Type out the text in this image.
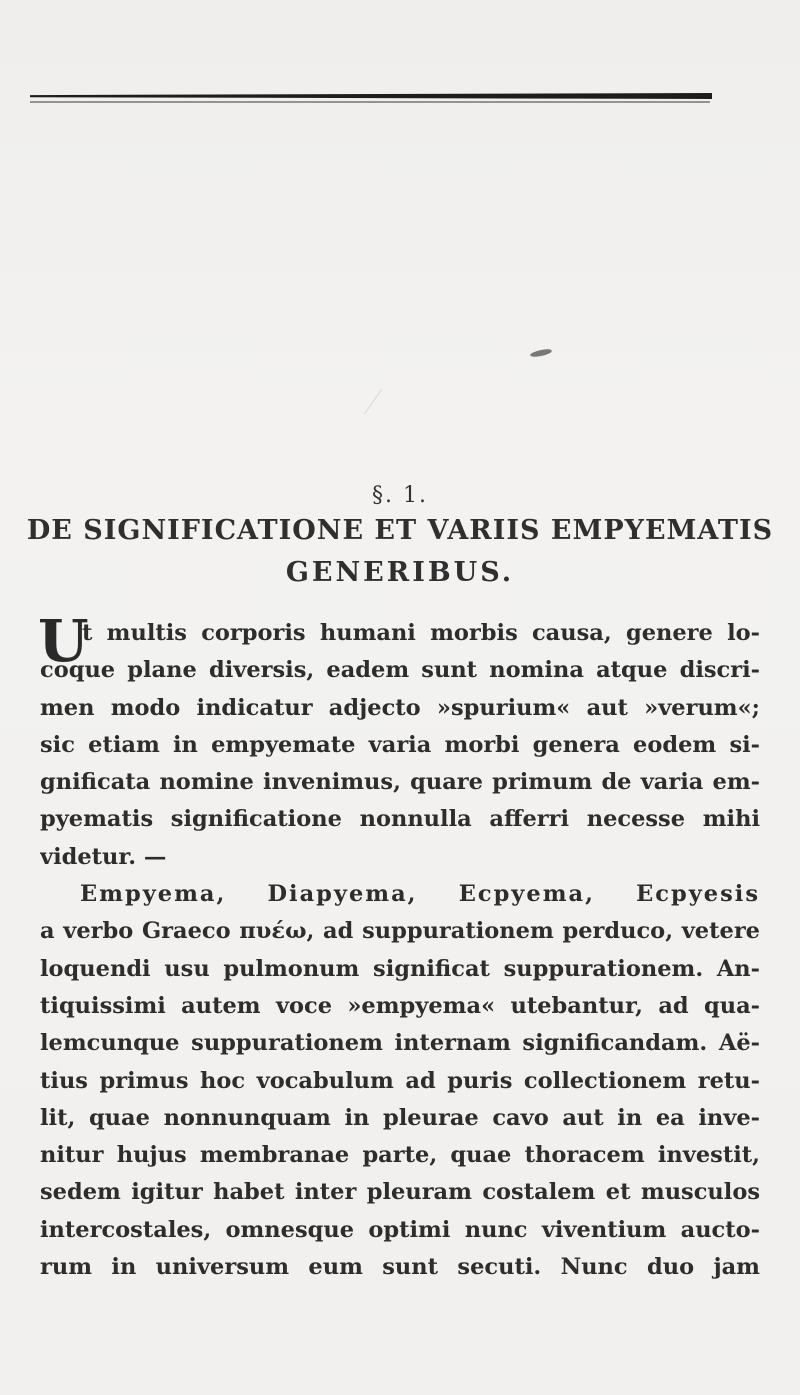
§. 1.
DE SIGNIFICATIONE ET VARIIS EMPYEMATIS
GENERIBUS.
U
t multis corporis humani morbis causa, genere lo-
coque plane diversis, eadem sunt nomina atque discri-
men modo indicatur adjecto »spurium« aut »verum«;
sic etiam in empyemate varia morbi genera eodem si-
gnificata nomine invenimus, quare primum de varia em-
pyematis significatione nonnulla afferri necesse mihi
videtur. —
Empyema, Diapyema, Ecpyema, Ecpyesis
a verbo Graeco πυέω, ad suppurationem perduco, vetere
loquendi usu pulmonum significat suppurationem. An-
tiquissimi autem voce »empyema« utebantur, ad qua-
lemcunque suppurationem internam significandam. Aë-
tius primus hoc vocabulum ad puris collectionem retu-
lit, quae nonnunquam in pleurae cavo aut in ea inve-
nitur hujus membranae parte, quae thoracem investit,
sedem igitur habet inter pleuram costalem et musculos
intercostales, omnesque optimi nunc viventium aucto-
rum in universum eum sunt secuti. Nunc duo jam
